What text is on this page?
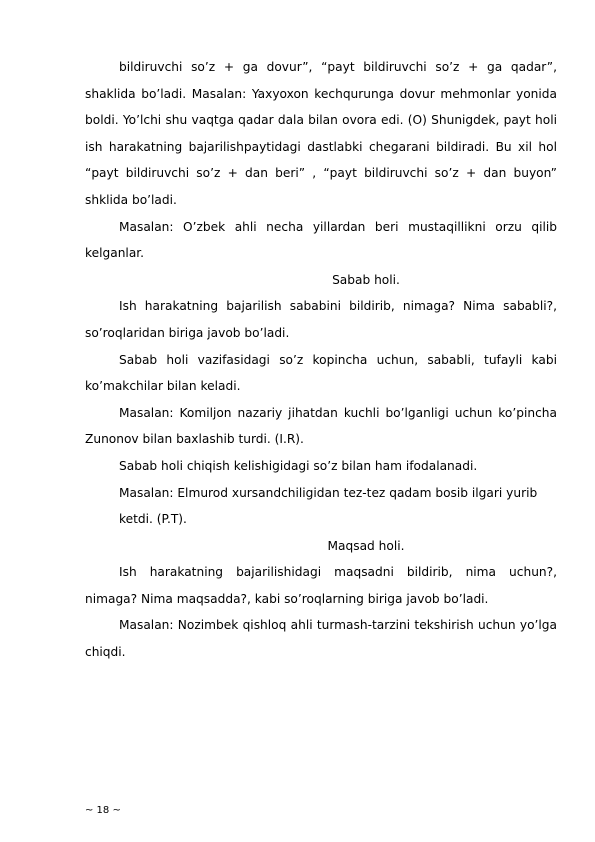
bildiruvchi so’z + ga dovur”, “payt bildiruvchi so’z + ga qadar”, shaklida bo’ladi. Masalan: Yaxyoxon kechqurunga dovur mehmonlar yonida boldi. Yo’lchi shu vaqtga qadar dala bilan ovora edi. (O) Shunigdek, payt holi ish harakatning bajarilishpaytidagi dastlabki chegarani bildiradi. Bu xil hol “payt bildiruvchi so’z + dan beri” , “payt bildiruvchi so’z + dan buyon” shklida bo’ladi.

Masalan: O’zbek ahli necha yillardan beri mustaqillikni orzu qilib kelganlar.

Sabab holi.

Ish harakatning bajarilish sababini bildirib, nimaga? Nima sababli?, so’roqlaridan biriga javob bo’ladi.

Sabab holi vazifasidagi so’z kopincha uchun, sababli, tufayli kabi ko’makchilar bilan keladi.

Masalan: Komiljon nazariy jihatdan kuchli bo’lganligi uchun ko’pincha Zunonov bilan baxlashib turdi. (I.R).

Sabab holi chiqish kelishigidagi so’z bilan ham ifodalanadi.

Masalan: Elmurod xursandchiligidan tez-tez qadam bosib ilgari yurib

ketdi. (P.T).

Maqsad holi.

Ish harakatning bajarilishidagi maqsadni bildirib, nima uchun?, nimaga? Nima maqsadda?, kabi so’roqlarning biriga javob bo’ladi.

Masalan: Nozimbek qishloq ahli turmash-tarzini tekshirish uchun yo’lga chiqdi.

~ 18 ~
